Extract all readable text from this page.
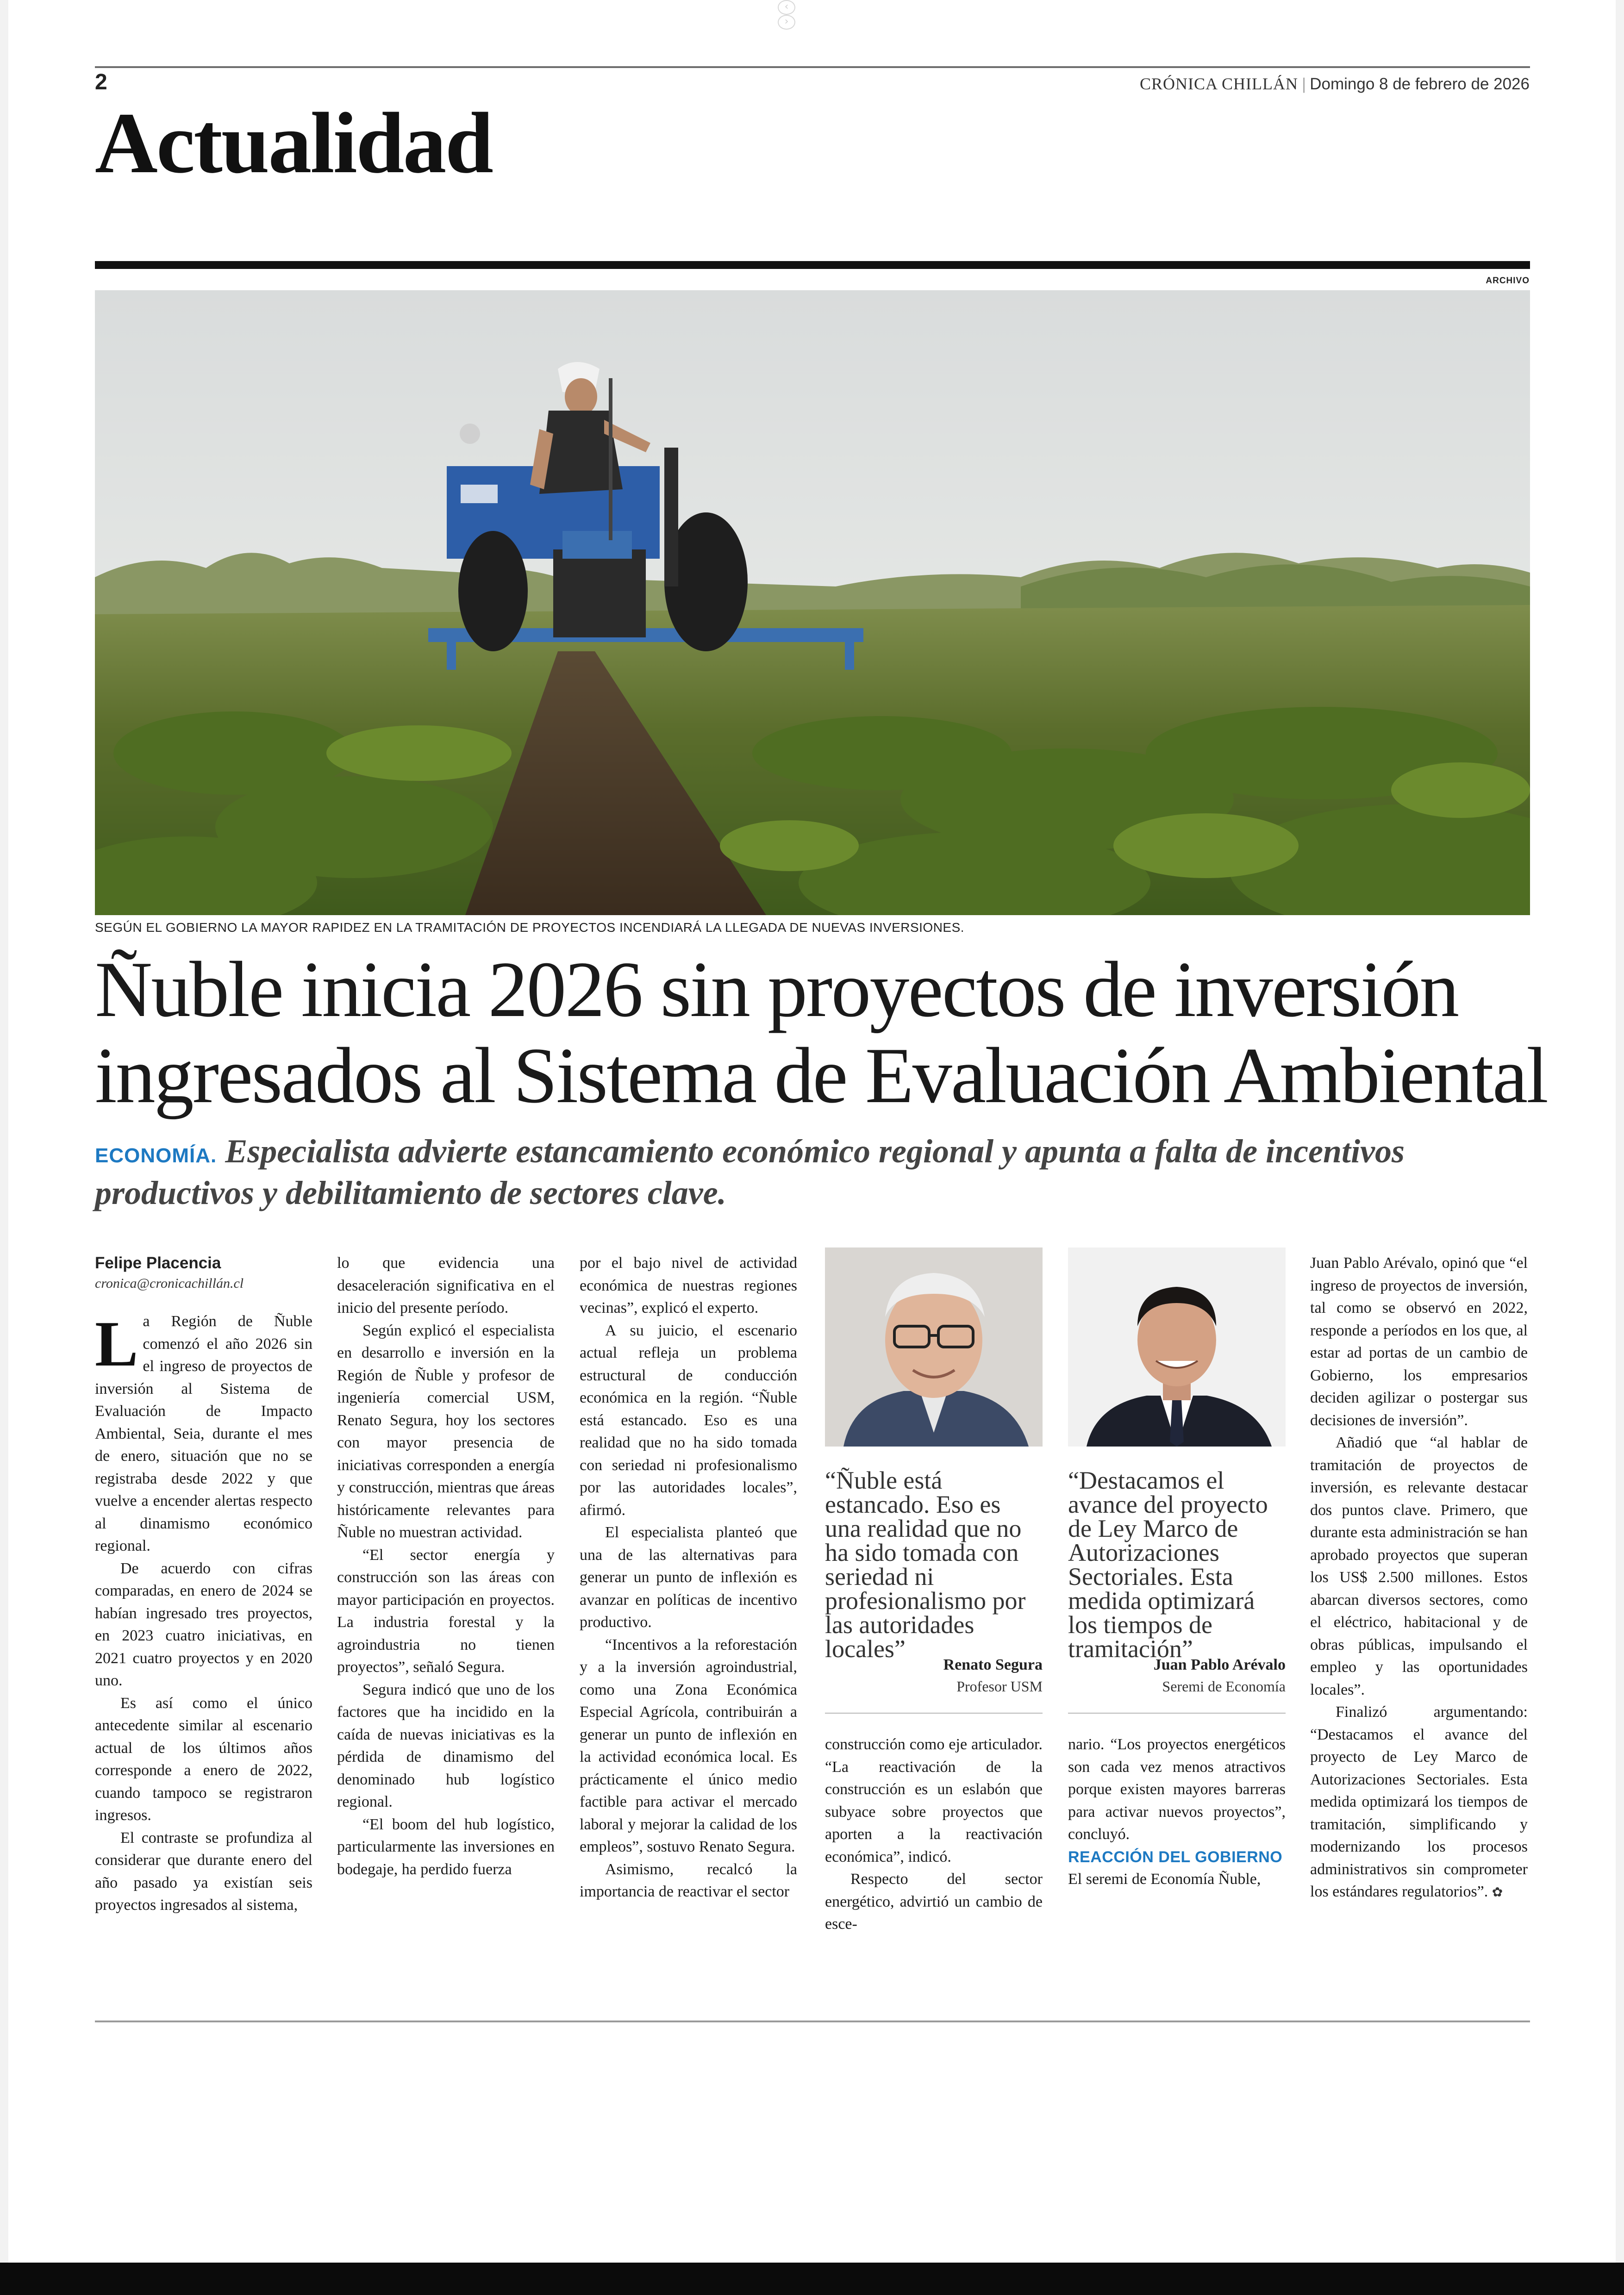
‹›
2	CRÓNICA CHILLÁN | Domingo 8 de febrero de 2026
Actualidad
ARCHIVO
SEGÚN EL GOBIERNO LA MAYOR RAPIDEZ EN LA TRAMITACIÓN DE PROYECTOS INCENDIARÁ LA LLEGADA DE NUEVAS INVERSIONES.
Ñuble inicia 2026 sin proyectos de inversión
ingresados al Sistema de Evaluación Ambiental
ECONOMÍA. Especialista advierte estancamiento económico regional y apunta a falta de incentivos productivos y debilitamiento de sectores clave.
Felipe Placencia
cronica@cronicachillán.cl

La Región de Ñuble comenzó el año 2026 sin el ingreso de proyectos de inversión al Sistema de Evaluación de Impacto Ambiental, Seia, durante el mes de enero, situación que no se registraba desde 2022 y que vuelve a encender alertas respecto al dinamismo económico regional.

De acuerdo con cifras comparadas, en enero de 2024 se habían ingresado tres proyectos, en 2023 cuatro iniciativas, en 2021 cuatro proyectos y en 2020 uno.

Es así como el único antecedente similar al escenario actual de los últimos años corresponde a enero de 2022, cuando tampoco se registraron ingresos.

El contraste se profundiza al considerar que durante enero del año pasado ya existían seis proyectos ingresados al sistema,

lo que evidencia una desaceleración significativa en el inicio del presente período.

Según explicó el especialista en desarrollo e inversión en la Región de Ñuble y profesor de ingeniería comercial USM, Renato Segura, hoy los sectores con mayor presencia de iniciativas corresponden a energía y construcción, mientras que áreas históricamente relevantes para Ñuble no muestran actividad.

“El sector energía y construcción son las áreas con mayor participación en proyectos. La industria forestal y la agroindustria no tienen proyectos”, señaló Segura.

Segura indicó que uno de los factores que ha incidido en la caída de nuevas iniciativas es la pérdida de dinamismo del denominado hub logístico regional.

“El boom del hub logístico, particularmente las inversiones en bodegaje, ha perdido fuerza

por el bajo nivel de actividad económica de nuestras regiones vecinas”, explicó el experto.

A su juicio, el escenario actual refleja un problema estructural de conducción económica en la región. “Ñuble está estancado. Eso es una realidad que no ha sido tomada con seriedad ni profesionalismo por las autoridades locales”, afirmó.

El especialista planteó que una de las alternativas para generar un punto de inflexión es avanzar en políticas de incentivo productivo.

“Incentivos a la reforestación y a la inversión agroindustrial, como una Zona Económica Especial Agrícola, contribuirán a generar un punto de inflexión en la actividad económica local. Es prácticamente el único medio factible para activar el mercado laboral y mejorar la calidad de los empleos”, sostuvo Renato Segura.

Asimismo, recalcó la importancia de reactivar el sector

“Ñuble está estancado. Eso es una realidad que no ha sido tomada con seriedad ni profesionalismo por las autoridades locales”
Renato Segura
Profesor USM
“Destacamos el avance del proyecto de Ley Marco de Autorizaciones Sectoriales. Esta medida optimizará los tiempos de tramitación”
Juan Pablo Arévalo
Seremi de Economía

construcción como eje articulador. “La reactivación de la construcción es un eslabón que subyace sobre proyectos que aporten a la reactivación económica”, indicó.

Respecto del sector energético, advirtió un cambio de esce-

nario. “Los proyectos energéticos son cada vez menos atractivos porque existen mayores barreras para activar nuevos proyectos”, concluyó.

REACCIÓN DEL GOBIERNO

El seremi de Economía Ñuble,

Juan Pablo Arévalo, opinó que “el ingreso de proyectos de inversión, tal como se observó en 2022, responde a períodos en los que, al estar ad portas de un cambio de Gobierno, los empresarios deciden agilizar o postergar sus decisiones de inversión”.

Añadió que “al hablar de tramitación de proyectos de inversión, es relevante destacar dos puntos clave. Primero, que durante esta administración se han aprobado proyectos que superan los US$ 2.500 millones. Estos abarcan diversos sectores, como el eléctrico, habitacional y de obras públicas, impulsando el empleo y las oportunidades locales”.

Finalizó argumentando: “Destacamos el avance del proyecto de Ley Marco de Autorizaciones Sectoriales. Esta medida optimizará los tiempos de tramitación, simplificando y modernizando los procesos administrativos sin comprometer los estándares regulatorios”. ✿
